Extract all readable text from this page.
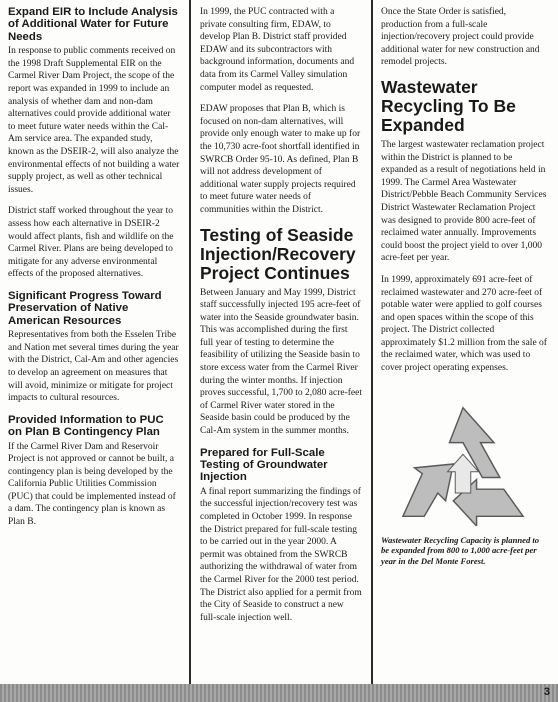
Expand EIR to Include Analysis of Additional Water for Future Needs

In response to public comments received on the 1998 Draft Supplemental EIR on the Carmel River Dam Project, the scope of the report was expanded in 1999 to include an analysis of whether dam and non-dam alternatives could provide additional water to meet future water needs within the Cal-Am service area. The expanded study, known as the DSEIR-2, will also analyze the environmental effects of not building a water supply project, as well as other technical issues.

District staff worked throughout the year to assess how each alternative in DSEIR-2 would affect plants, fish and wildlife on the Carmel River. Plans are being developed to mitigate for any adverse environmental effects of the proposed alternatives.

Significant Progress Toward Preservation of Native American Resources

Representatives from both the Esselen Tribe and Nation met several times during the year with the District, Cal-Am and other agencies to develop an agreement on measures that will avoid, minimize or mitigate for project impacts to cultural resources.

Provided Information to PUC on Plan B Contingency Plan

If the Carmel River Dam and Reservoir Project is not approved or cannot be built, a contingency plan is being developed by the California Public Utilities Commission (PUC) that could be implemented instead of a dam. The contingency plan is known as Plan B.

In 1999, the PUC contracted with a private consulting firm, EDAW, to develop Plan B. District staff provided EDAW and its subcontractors with background information, documents and data from its Carmel Valley simulation computer model as requested.

EDAW proposes that Plan B, which is focused on non-dam alternatives, will provide only enough water to make up for the 10,730 acre-foot shortfall identified in SWRCB Order 95-10. As defined, Plan B will not address development of additional water supply projects required to meet future water needs of communities within the District.

Testing of Seaside Injection/Recovery Project Continues

Between January and May 1999, District staff successfully injected 195 acre-feet of water into the Seaside groundwater basin. This was accomplished during the first full year of testing to determine the feasibility of utilizing the Seaside basin to store excess water from the Carmel River during the winter months. If injection proves successful, 1,700 to 2,080 acre-feet of Carmel River water stored in the Seaside basin could be produced by the Cal-Am system in the summer months.

Prepared for Full-Scale Testing of Groundwater Injection

A final report summarizing the findings of the successful injection/recovery test was completed in October 1999. In response the District prepared for full-scale testing to be carried out in the year 2000. A permit was obtained from the SWRCB authorizing the withdrawal of water from the Carmel River for the 2000 test period. The District also applied for a permit from the City of Seaside to construct a new full-scale injection well.

Once the State Order is satisfied, production from a full-scale injection/recovery project could provide additional water for new construction and remodel projects.

Wastewater Recycling To Be Expanded

The largest wastewater reclamation project within the District is planned to be expanded as a result of negotiations held in 1999. The Carmel Area Wastewater District/Pebble Beach Community Services District Wastewater Reclamation Project was designed to provide 800 acre-feet of reclaimed water annually. Improvements could boost the project yield to over 1,000 acre-feet per year.

In 1999, approximately 691 acre-feet of reclaimed wastewater and 270 acre-feet of potable water were applied to golf courses and open spaces within the scope of this project. The District collected approximately $1.2 million from the sale of the reclaimed water, which was used to cover project operating expenses.

Wastewater Recycling Capacity is planned to be expanded from 800 to 1,000 acre-feet per year in the Del Monte Forest.
3
